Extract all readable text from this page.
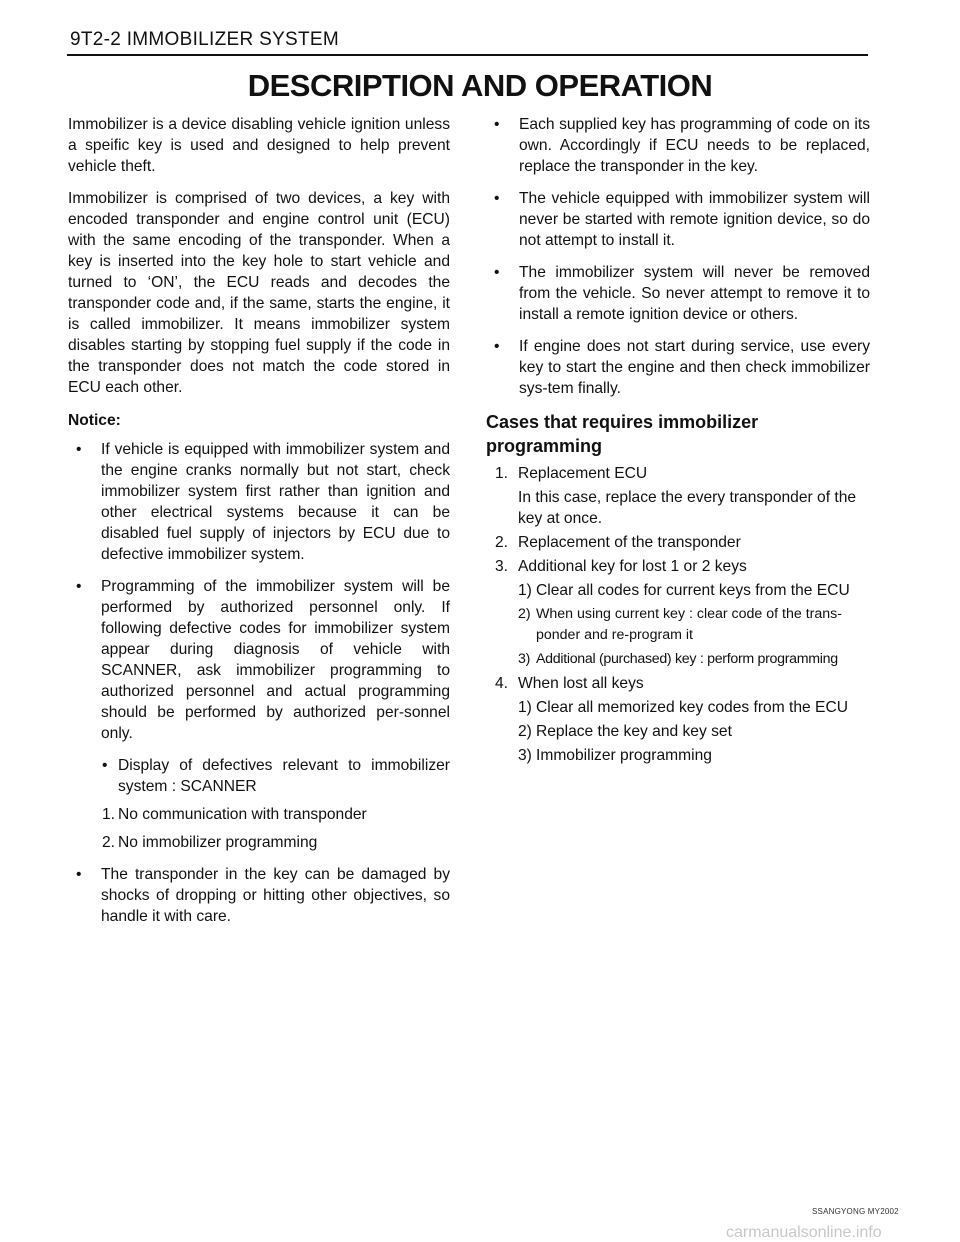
9T2-2 IMMOBILIZER SYSTEM
DESCRIPTION AND OPERATION

Immobilizer is a device disabling vehicle ignition unless a speific key is used and designed to help prevent vehicle theft.

Immobilizer is comprised of two devices, a key with encoded transponder and engine control unit (ECU) with the same encoding of the transponder. When a key is inserted into the key hole to start vehicle and turned to ‘ON’, the ECU reads and decodes the transponder code and, if the same, starts the engine, it is called immobilizer. It means immobilizer system disables starting by stopping fuel supply if the code in the transponder does not match the code stored in ECU each other.

Notice:
• If vehicle is equipped with immobilizer system and the engine cranks normally but not start, check immobilizer system first rather than ignition and other electrical systems because it can be disabled fuel supply of injectors by ECU due to defective immobilizer system.
• Programming of the immobilizer system will be performed by authorized personnel only. If following defective codes for immobilizer system appear during diagnosis of vehicle with SCANNER, ask immobilizer programming to authorized personnel and actual programming should be performed by authorized per-sonnel only.
• Display of defectives relevant to immobilizer system : SCANNER
1. No communication with transponder
2. No immobilizer programming
• The transponder in the key can be damaged by shocks of dropping or hitting other objectives, so handle it with care.
• Each supplied key has programming of code on its own. Accordingly if ECU needs to be replaced, replace the transponder in the key.
• The vehicle equipped with immobilizer system will never be started with remote ignition device, so do not attempt to install it.
• The immobilizer system will never be removed from the vehicle. So never attempt to remove it to install a remote ignition device or others.
• If engine does not start during service, use every key to start the engine and then check immobilizer sys-tem finally.
Cases that requires immobilizer programming
1. Replacement ECU
In this case, replace the every transponder of the key at once.
2. Replacement of the transponder
3. Additional key for lost 1 or 2 keys
1) Clear all codes for current keys from the ECU
2) When using current key : clear code of the trans-ponder and re-program it
3) Additional (purchased) key : perform programming
4. When lost all keys
1) Clear all memorized key codes from the ECU
2) Replace the key and key set
3) Immobilizer programming
SSANGYONG MY2002
carmanualsonline.info
